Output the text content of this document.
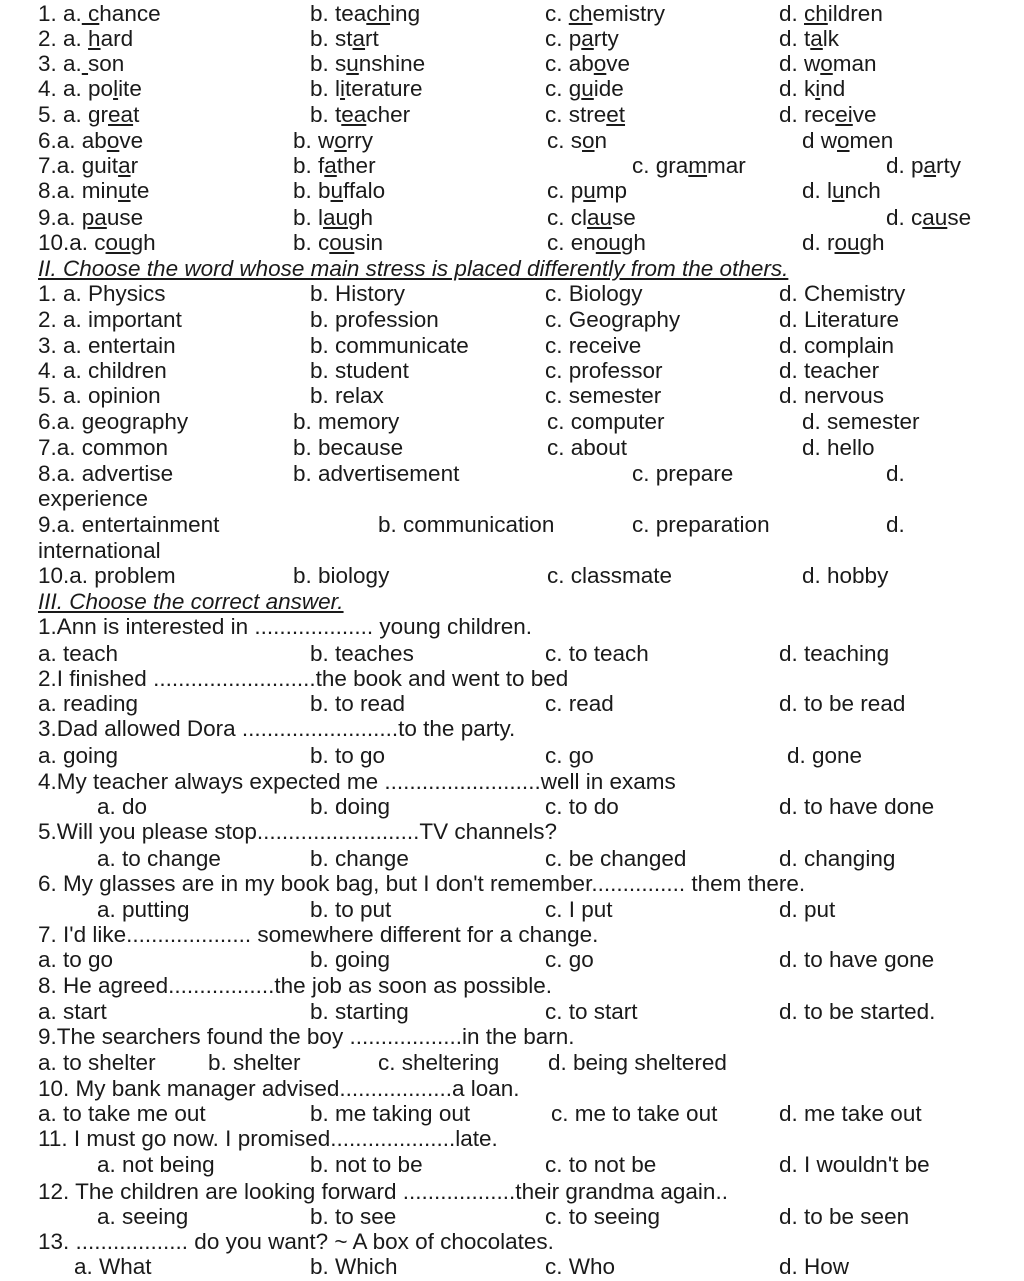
1. a. chance	b. teaching	c. chemistry	d. children
2. a. hard	b. start	c. party	d. talk
3. a. son	b. sunshine	c. above	d. woman
4. a. polite	b. literature	c. guide	d. kind
5. a. great	b. teacher	c. street	d. receive
6.a. above	b. worry	c. son	d women
7.a. guitar	b. father	c. grammar	d. party
8.a. minute	b. buffalo	c. pump	d. lunch
9.a. pause	b. laugh	c. clause	d. cause
10.a. cough	b. cousin	c. enough	d. rough
II. Choose the word whose main stress is placed differently from the others.
1. a. Physics	b. History	c. Biology	d. Chemistry
2. a. important	b. profession	c. Geography	d. Literature
3. a. entertain	b. communicate	c. receive	d. complain
4. a. children	b. student	c. professor	d. teacher
5. a. opinion	b. relax	c. semester	d. nervous
6.a. geography	b. memory	c. computer	d. semester
7.a. common	b. because	c. about	d. hello
8.a. advertise	b. advertisement	c. prepare	d.
experience
9.a. entertainment	b. communication	c. preparation	d.
international
10.a. problem	b. biology	c. classmate	d. hobby
III. Choose the correct answer.
1.Ann is interested in ................... young children.
a. teach	b. teaches	c. to teach	d. teaching
2.I finished ..........................the book and went to bed
a. reading	b. to read	c. read	d. to be read
3.Dad allowed Dora .........................to the party.
a. going	b. to go	c. go	d. gone
4.My teacher always expected me .........................well in exams
a. do	b. doing	c. to do	d. to have done
5.Will you please stop..........................TV channels?
a. to change	b. change	c. be changed	d. changing
6. My glasses are in my book bag, but I don't remember............... them there.
a. putting	b. to put	c. I put	d. put
7. I'd like.................... somewhere different for a change.
a. to go	b. going	c. go	d. to have gone
8. He agreed.................the job as soon as possible.
a. start	b. starting	c. to start	d. to be started.
9.The searchers found the boy ..................in the barn.
a. to shelter b. shelter	c. sheltering d. being sheltered
10. My bank manager advised..................a loan.
a. to take me out	b. me taking out	c. me to take out	d. me take out
11. I must go now. I promised....................late.
a. not being	b. not to be	c. to not be	d. I wouldn't be
12. The children are looking forward ..................their grandma again..
a. seeing	b. to see	c. to seeing	d. to be seen
13. .................. do you want? ~ A box of chocolates.
a. What	b. Which	c. Who	d. How
